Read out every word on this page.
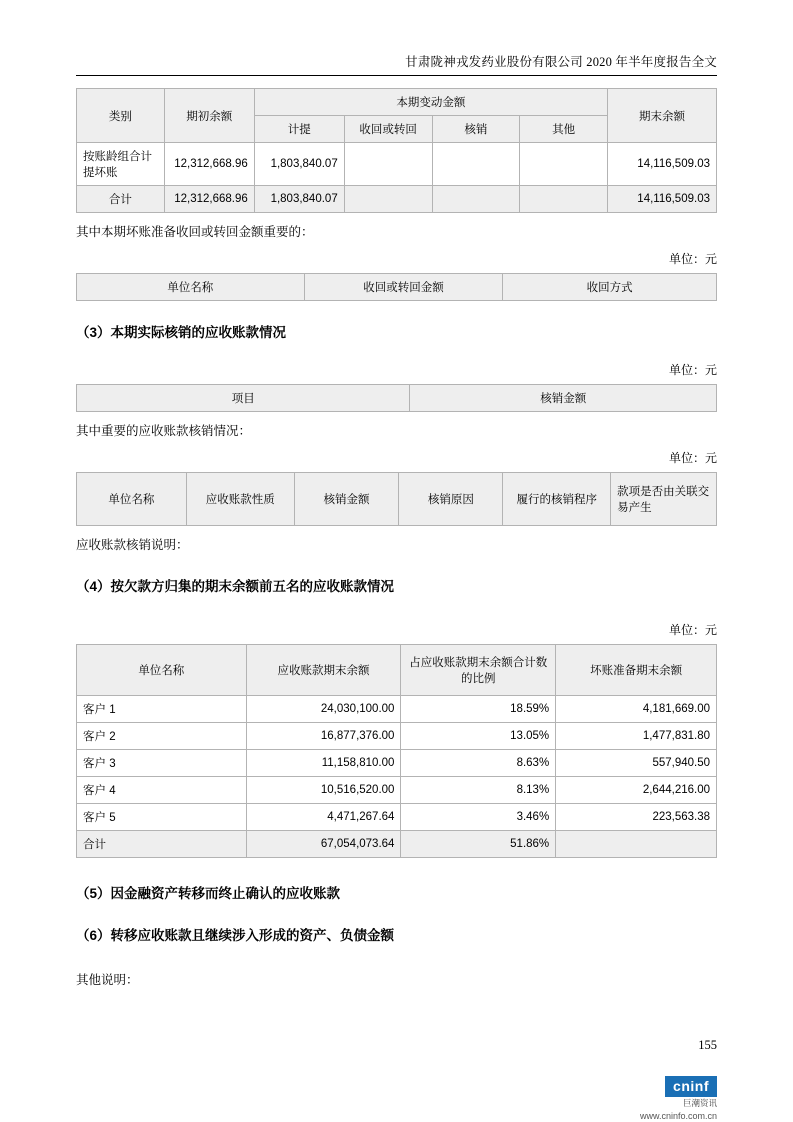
甘肃陇神戎发药业股份有限公司 2020 年半年度报告全文
类别	期初余额	本期变动金额				期末余额
		计提	收回或转回	核销	其他	
按账龄组合计提坏账	12,312,668.96	1,803,840.07				14,116,509.03
合计	12,312,668.96	1,803,840.07				14,116,509.03
其中本期坏账准备收回或转回金额重要的：
单位：元
单位名称	收回或转回金额	收回方式
（3）本期实际核销的应收账款情况
单位：元
项目	核销金额
其中重要的应收账款核销情况：
单位：元
单位名称	应收账款性质	核销金额	核销原因	履行的核销程序	款项是否由关联交易产生
应收账款核销说明：
（4）按欠款方归集的期末余额前五名的应收账款情况
单位：元
单位名称	应收账款期末余额	占应收账款期末余额合计数的比例	坏账准备期末余额
客户 1	24,030,100.00	18.59%	4,181,669.00
客户 2	16,877,376.00	13.05%	1,477,831.80
客户 3	11,158,810.00	8.63%	557,940.50
客户 4	10,516,520.00	8.13%	2,644,216.00
客户 5	4,471,267.64	3.46%	223,563.38
合计	67,054,073.64	51.86%	
（5）因金融资产转移而终止确认的应收账款
（6）转移应收账款且继续涉入形成的资产、负债金额
其他说明：
155
cninf
巨潮资讯
www.cninfo.com.cn
